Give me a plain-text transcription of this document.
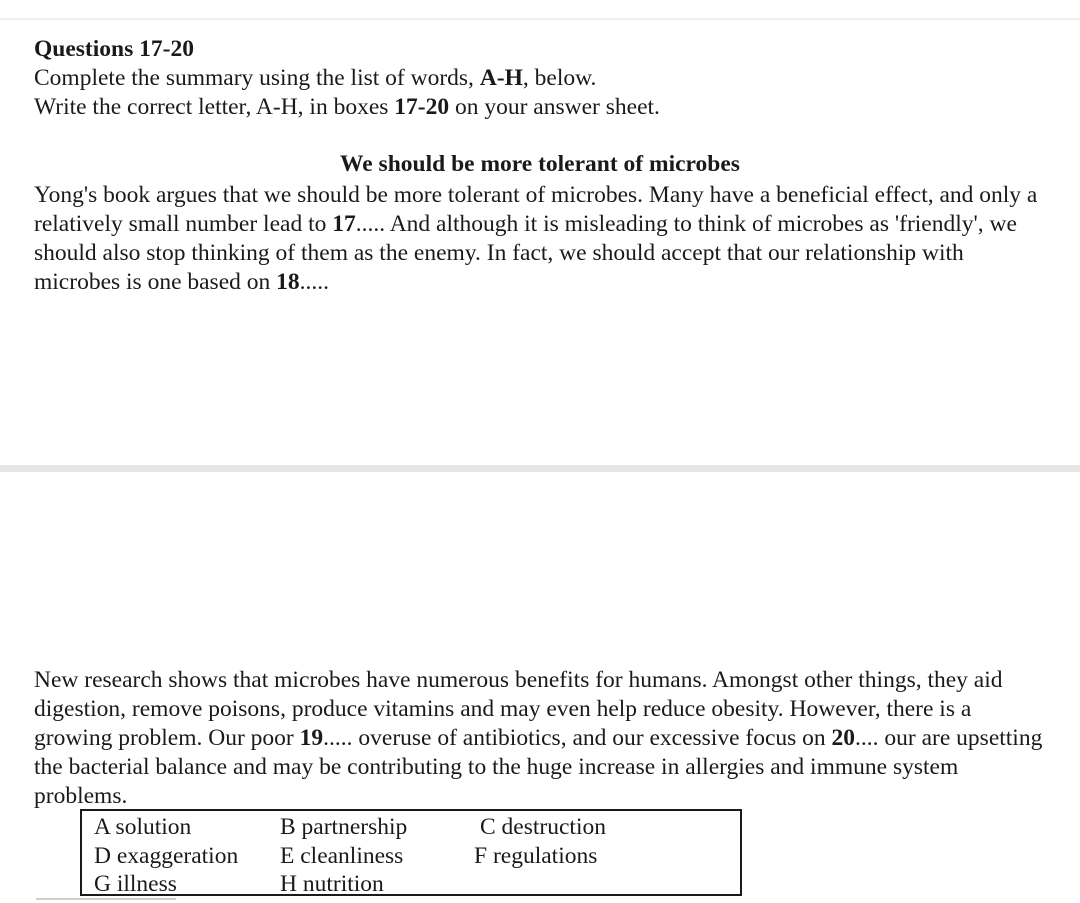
Questions 17-20
Complete the summary using the list of words, A-H, below.
Write the correct letter, A-H, in boxes 17-20 on your answer sheet.
We should be more tolerant of microbes
Yong's book argues that we should be more tolerant of microbes. Many have a beneficial effect, and only a relatively small number lead to 17..... And although it is misleading to think of microbes as 'friendly', we should also stop thinking of them as the enemy. In fact, we should accept that our relationship with microbes is one based on 18.....
New research shows that microbes have numerous benefits for humans. Amongst other things, they aid digestion, remove poisons, produce vitamins and may even help reduce obesity. However, there is a growing problem. Our poor 19..... overuse of antibiotics, and our excessive focus on 20.... our are upsetting the bacterial balance and may be contributing to the huge increase in allergies and immune system problems.
A solution	B partnership	C destruction
D exaggeration E cleanliness	F regulations
G illness	H nutrition
